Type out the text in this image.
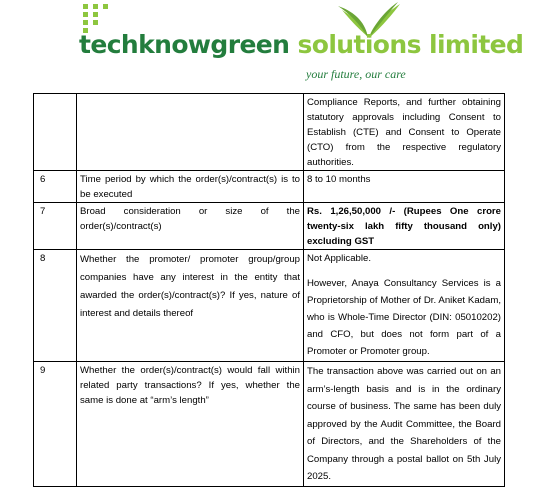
techknowgreen solutions limited
your future, our care
		Compliance Reports, and further obtaining statutory approvals including Consent to Establish (CTE) and Consent to Operate (CTO) from the respective regulatory authorities.
6	Time period by which the order(s)/contract(s) is to be executed	8 to 10 months
7	Broad consideration or size of the order(s)/contract(s)	Rs. 1,26,50,000 /- (Rupees One crore twenty-six lakh fifty thousand only) excluding GST
8	Whether the promoter/ promoter group/group companies have any interest in the entity that awarded the order(s)/contract(s)? If yes, nature of interest and details thereof	Not Applicable.
However, Anaya Consultancy Services is a Proprietorship of Mother of Dr. Aniket Kadam, who is Whole-Time Director (DIN: 05010202) and CFO, but does not form part of a Promoter or Promoter group.

9	Whether the order(s)/contract(s) would fall within related party transactions? If yes, whether the same is done at “arm’s length”	The transaction above was carried out on an arm’s-length basis and is in the ordinary course of business. The same has been duly approved by the Audit Committee, the Board of Directors, and the Shareholders of the Company through a postal ballot on 5th July 2025.
